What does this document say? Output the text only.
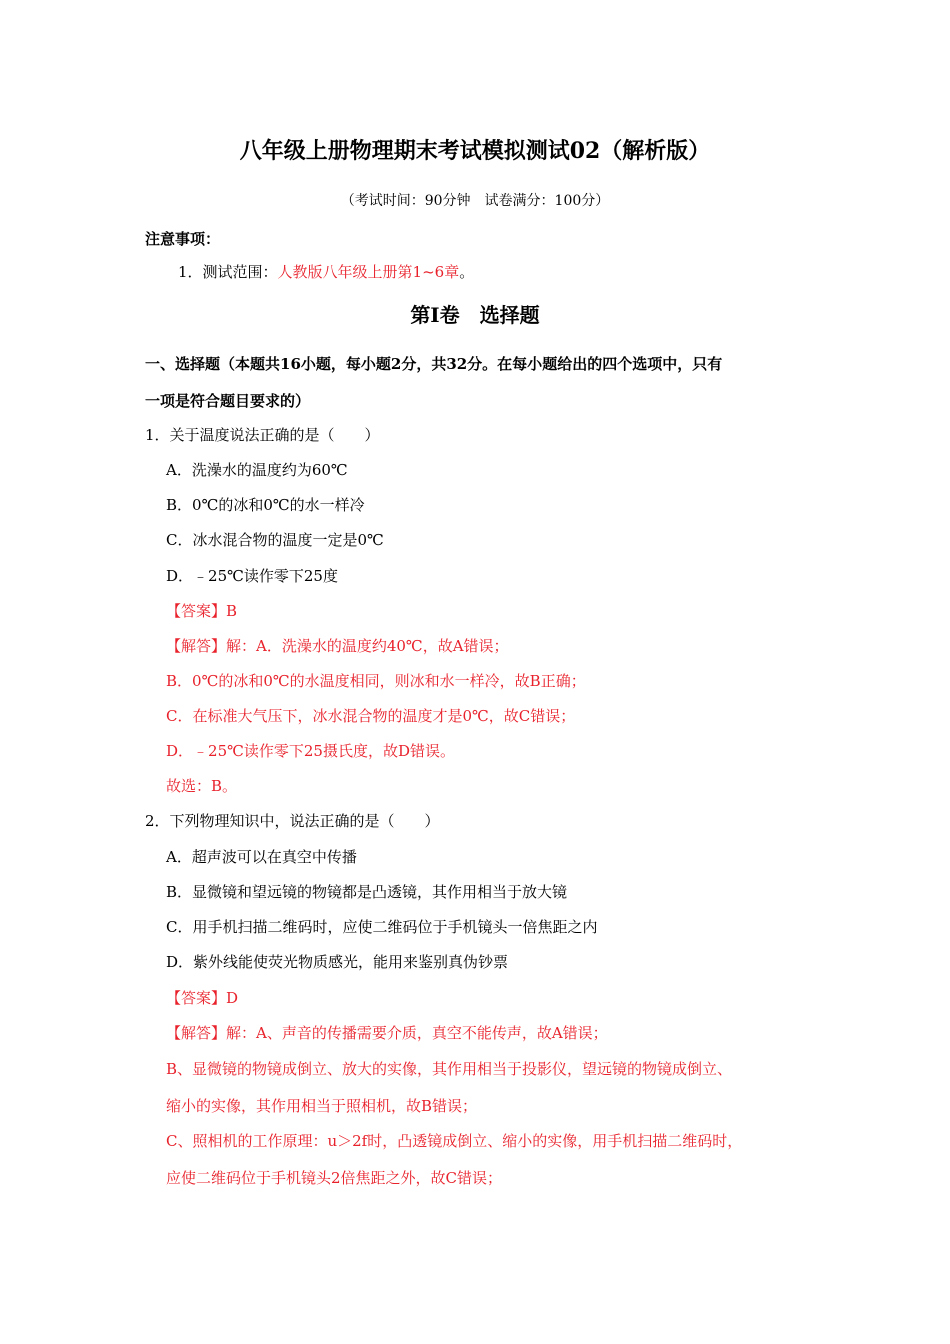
八年级上册物理期末考试模拟测试02（解析版）
（考试时间：90分钟　试卷满分：100分）
注意事项：
1．测试范围：人教版八年级上册第1~6章。
第Ⅰ卷　选择题
一、选择题（本题共16小题，每小题2分，共32分。在每小题给出的四个选项中，只有
一项是符合题目要求的）
1．关于温度说法正确的是（　　）
A．洗澡水的温度约为60℃
B．0℃的冰和0℃的水一样冷
C．冰水混合物的温度一定是0℃
D．﹣25℃读作零下25度
【答案】B
【解答】解：A．洗澡水的温度约40℃，故A错误；
B．0℃的冰和0℃的水温度相同，则冰和水一样冷，故B正确；
C．在标准大气压下，冰水混合物的温度才是0℃，故C错误；
D．﹣25℃读作零下25摄氏度，故D错误。
故选：B。
2．下列物理知识中，说法正确的是（　　）
A．超声波可以在真空中传播
B．显微镜和望远镜的物镜都是凸透镜，其作用相当于放大镜
C．用手机扫描二维码时，应使二维码位于手机镜头一倍焦距之内
D．紫外线能使荧光物质感光，能用来鉴别真伪钞票
【答案】D
【解答】解：A、声音的传播需要介质，真空不能传声，故A错误；
B、显微镜的物镜成倒立、放大的实像，其作用相当于投影仪，望远镜的物镜成倒立、
缩小的实像，其作用相当于照相机，故B错误；
C、照相机的工作原理：u＞2f时，凸透镜成倒立、缩小的实像，用手机扫描二维码时，
应使二维码位于手机镜头2倍焦距之外，故C错误；
